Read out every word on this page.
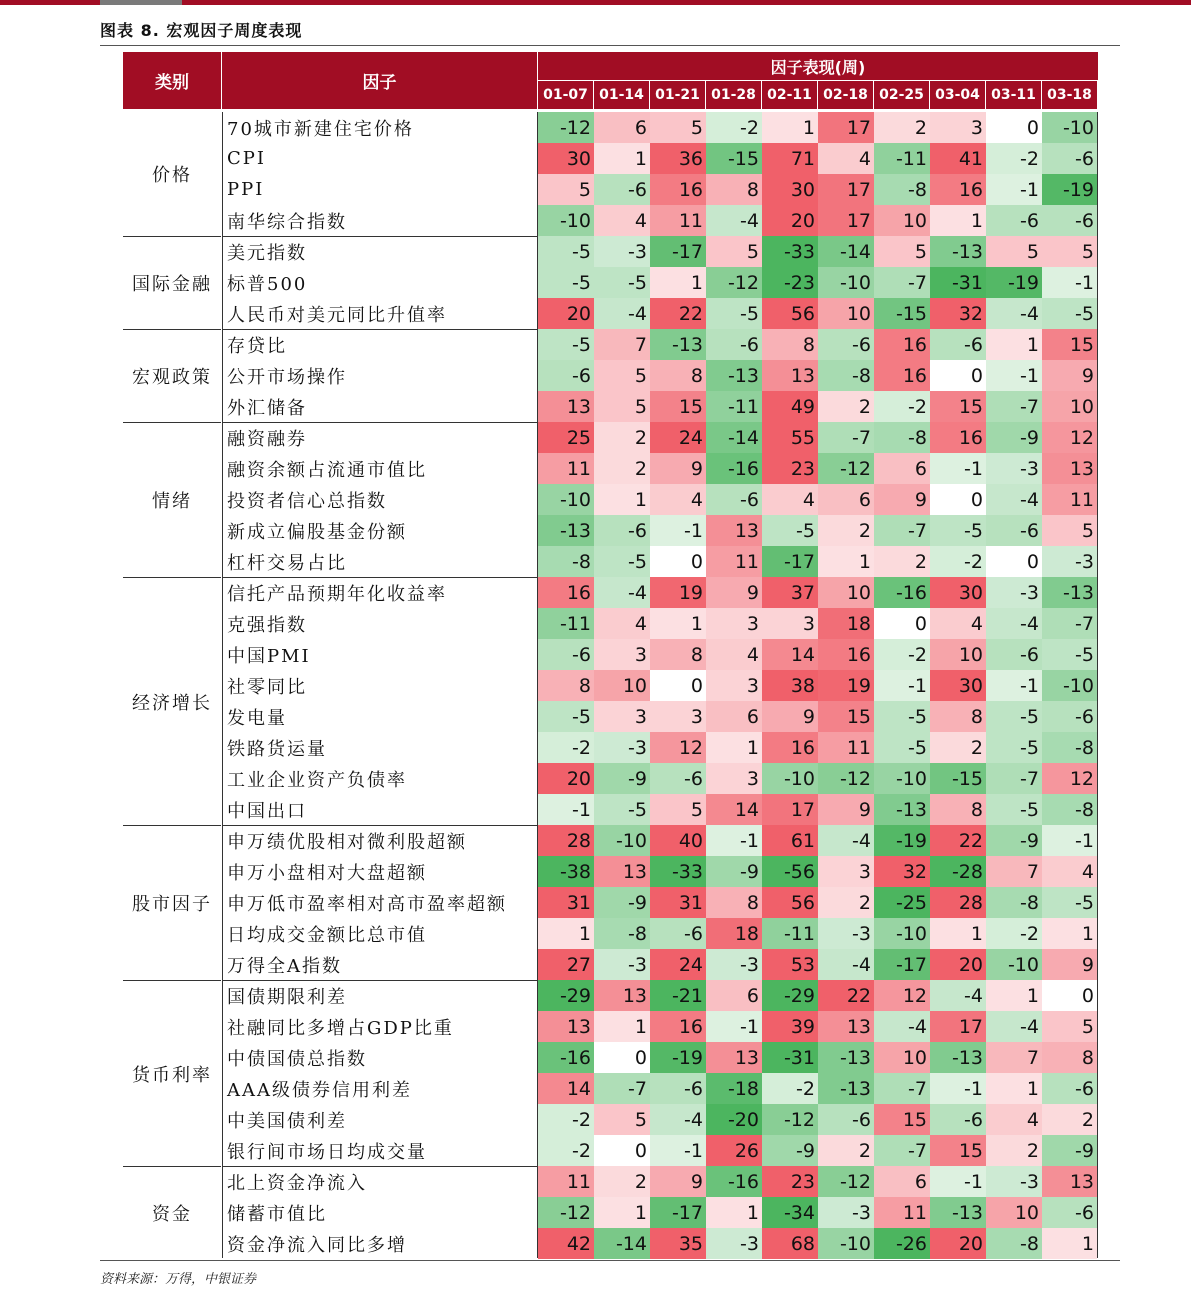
图表 8. 宏观因子周度表现
类别	因子
因子表现(周)
01-07 01-14 01-21 01-28 02-11 02-18 02-25 03-04 03-11 03-18
价格
70城市新建住宅价格	-12	6	5	-2	1	17	2	3	0	-10
CPI	30	1	36	-15	71	4	-11	41	-2	-6
PPI	5	-6	16	8	30	17	-8	16	-1	-19
南华综合指数	-10	4	11	-4	20	17	10	1	-6	-6
国际金融
美元指数	-5	-3	-17	5	-33	-14	5	-13	5	5
标普500	-5	-5	1	-12	-23	-10	-7	-31	-19	-1
人民币对美元同比升值率	20	-4	22	-5	56	10	-15	32	-4	-5
宏观政策
存贷比	-5	7	-13	-6	8	-6	16	-6	1	15
公开市场操作	-6	5	8	-13	13	-8	16	0	-1	9
外汇储备	13	5	15	-11	49	2	-2	15	-7	10
情绪
融资融券	25	2	24	-14	55	-7	-8	16	-9	12
融资余额占流通市值比	11	2	9	-16	23	-12	6	-1	-3	13
投资者信心总指数	-10	1	4	-6	4	6	9	0	-4	11
新成立偏股基金份额	-13	-6	-1	13	-5	2	-7	-5	-6	5
杠杆交易占比	-8	-5	0	11	-17	1	2	-2	0	-3
经济增长
信托产品预期年化收益率	16	-4	19	9	37	10	-16	30	-3	-13
克强指数	-11	4	1	3	3	18	0	4	-4	-7
中国PMI	-6	3	8	4	14	16	-2	10	-6	-5
社零同比	8	10	0	3	38	19	-1	30	-1	-10
发电量	-5	3	3	6	9	15	-5	8	-5	-6
铁路货运量	-2	-3	12	1	16	11	-5	2	-5	-8
工业企业资产负债率	20	-9	-6	3	-10	-12	-10	-15	-7	12
中国出口	-1	-5	5	14	17	9	-13	8	-5	-8
股市因子
申万绩优股相对微利股超额	28	-10	40	-1	61	-4	-19	22	-9	-1
申万小盘相对大盘超额	-38	13	-33	-9	-56	3	32	-28	7	4
申万低市盈率相对高市盈率超额	31	-9	31	8	56	2	-25	28	-8	-5
日均成交金额比总市值	1	-8	-6	18	-11	-3	-10	1	-2	1
万得全A指数	27	-3	24	-3	53	-4	-17	20	-10	9
货币利率
国债期限利差	-29	13	-21	6	-29	22	12	-4	1	0
社融同比多增占GDP比重	13	1	16	-1	39	13	-4	17	-4	5
中债国债总指数	-16	0	-19	13	-31	-13	10	-13	7	8
AAA级债券信用利差	14	-7	-6	-18	-2	-13	-7	-1	1	-6
中美国债利差	-2	5	-4	-20	-12	-6	15	-6	4	2
银行间市场日均成交量	-2	0	-1	26	-9	2	-7	15	2	-9
资金
北上资金净流入	11	2	9	-16	23	-12	6	-1	-3	13
储蓄市值比	-12	1	-17	1	-34	-3	11	-13	10	-6
资金净流入同比多增	42	-14	35	-3	68	-10	-26	20	-8	1
资料来源：万得，中银证券
